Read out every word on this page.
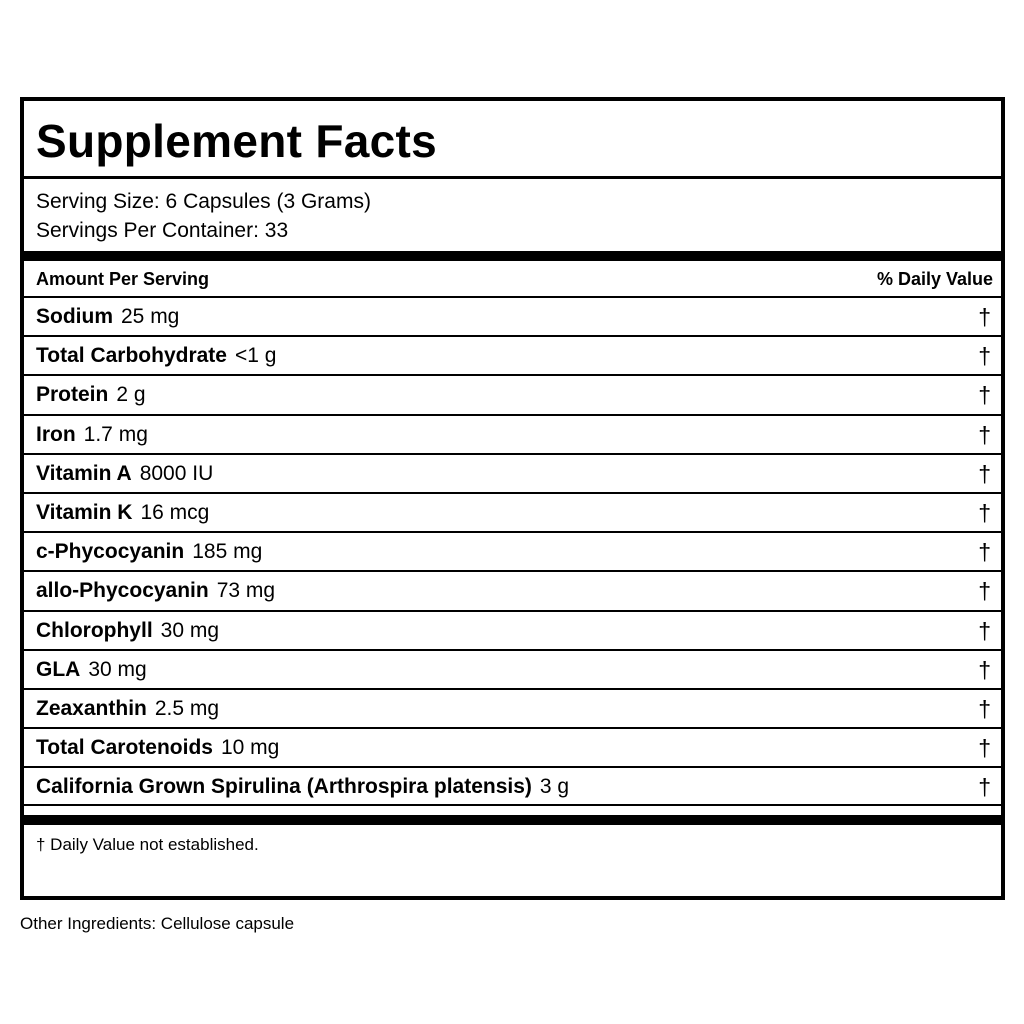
Supplement Facts
Serving Size: 6 Capsules (3 Grams)
Servings Per Container: 33
Amount Per Serving	% Daily Value
Sodium 25 mg	†
Total Carbohydrate <1 g	†
Protein 2 g	†
Iron 1.7 mg	†
Vitamin A 8000 IU	†
Vitamin K 16 mcg	†
c-Phycocyanin 185 mg	†
allo-Phycocyanin 73 mg	†
Chlorophyll 30 mg	†
GLA 30 mg	†
Zeaxanthin 2.5 mg	†
Total Carotenoids 10 mg	†
California Grown Spirulina (Arthrospira platensis) 3 g	†
† Daily Value not established.
Other Ingredients: Cellulose capsule
